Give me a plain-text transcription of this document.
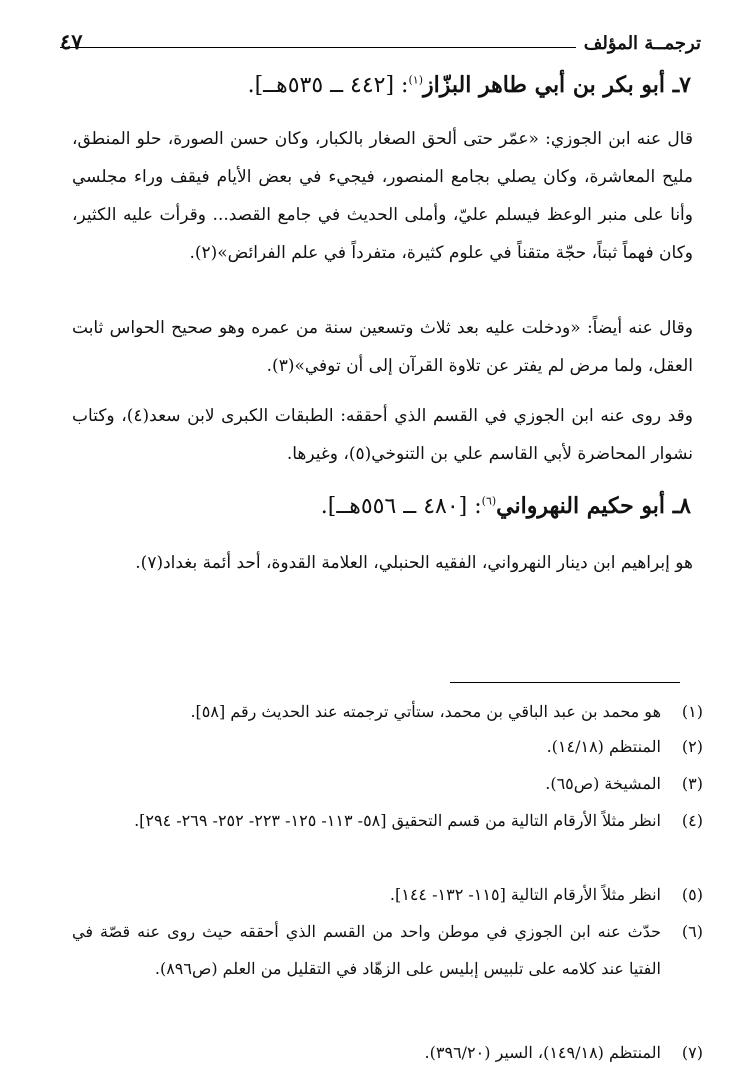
ترجمــة المؤلف
٤٧
٧ـ أبو بكر بن أبي طاهر البزّاز$^{(١)}$: [٤٤٢ ــ ٥٣٥هــ].

قال عنه ابن الجوزي: «عمّر حتى ألحق الصغار بالكبار، وكان حسن الصورة، حلو المنطق، مليح المعاشرة، وكان يصلي بجامع المنصور، فيجيء في بعض الأيام فيقف وراء مجلسي وأنا على منبر الوعظ فيسلم عليّ، وأملى الحديث في جامع القصد... وقرأت عليه الكثير، وكان فهماً ثبتاً، حجّة متقناً في علوم كثيرة، متفرداً في علم الفرائض»(٢).

وقال عنه أيضاً: «ودخلت عليه بعد ثلاث وتسعين سنة من عمره وهو صحيح الحواس ثابت العقل، ولما مرض لم يفتر عن تلاوة القرآن إلى أن توفي»(٣).

وقد روى عنه ابن الجوزي في القسم الذي أحققه: الطبقات الكبرى لابن سعد(٤)، وكتاب نشوار المحاضرة لأبي القاسم علي بن التنوخي(٥)، وغيرها.

٨ـ أبو حكيم النهرواني$^{(٦)}$: [٤٨٠ ــ ٥٥٦هــ].

هو إبراهيم ابن دينار النهرواني، الفقيه الحنبلي، العلامة القدوة، أحد أئمة بغداد(٧).

(١)
هو محمد بن عبد الباقي بن محمد، ستأتي ترجمته عند الحديث رقم [٥٨].
(٢)
المنتظم (١٤/١٨).
(٣)
المشيخة (ص٦٥).
(٤)
انظر مثلاً الأرقام التالية من قسم التحقيق [٥٨- ١١٣- ١٢٥- ٢٢٣- ٢٥٢- ٢٦٩- ٢٩٤].
(٥)
انظر مثلاً الأرقام التالية [١١٥- ١٣٢- ١٤٤].
(٦)
حدّث عنه ابن الجوزي في موطن واحد من القسم الذي أحققه حيث روى عنه قصّة في الفتيا عند كلامه على تلبيس إبليس على الزهّاد في التقليل من العلم (ص٨٩٦).
(٧)
المنتظم (١٤٩/١٨)، السير (٣٩٦/٢٠).
